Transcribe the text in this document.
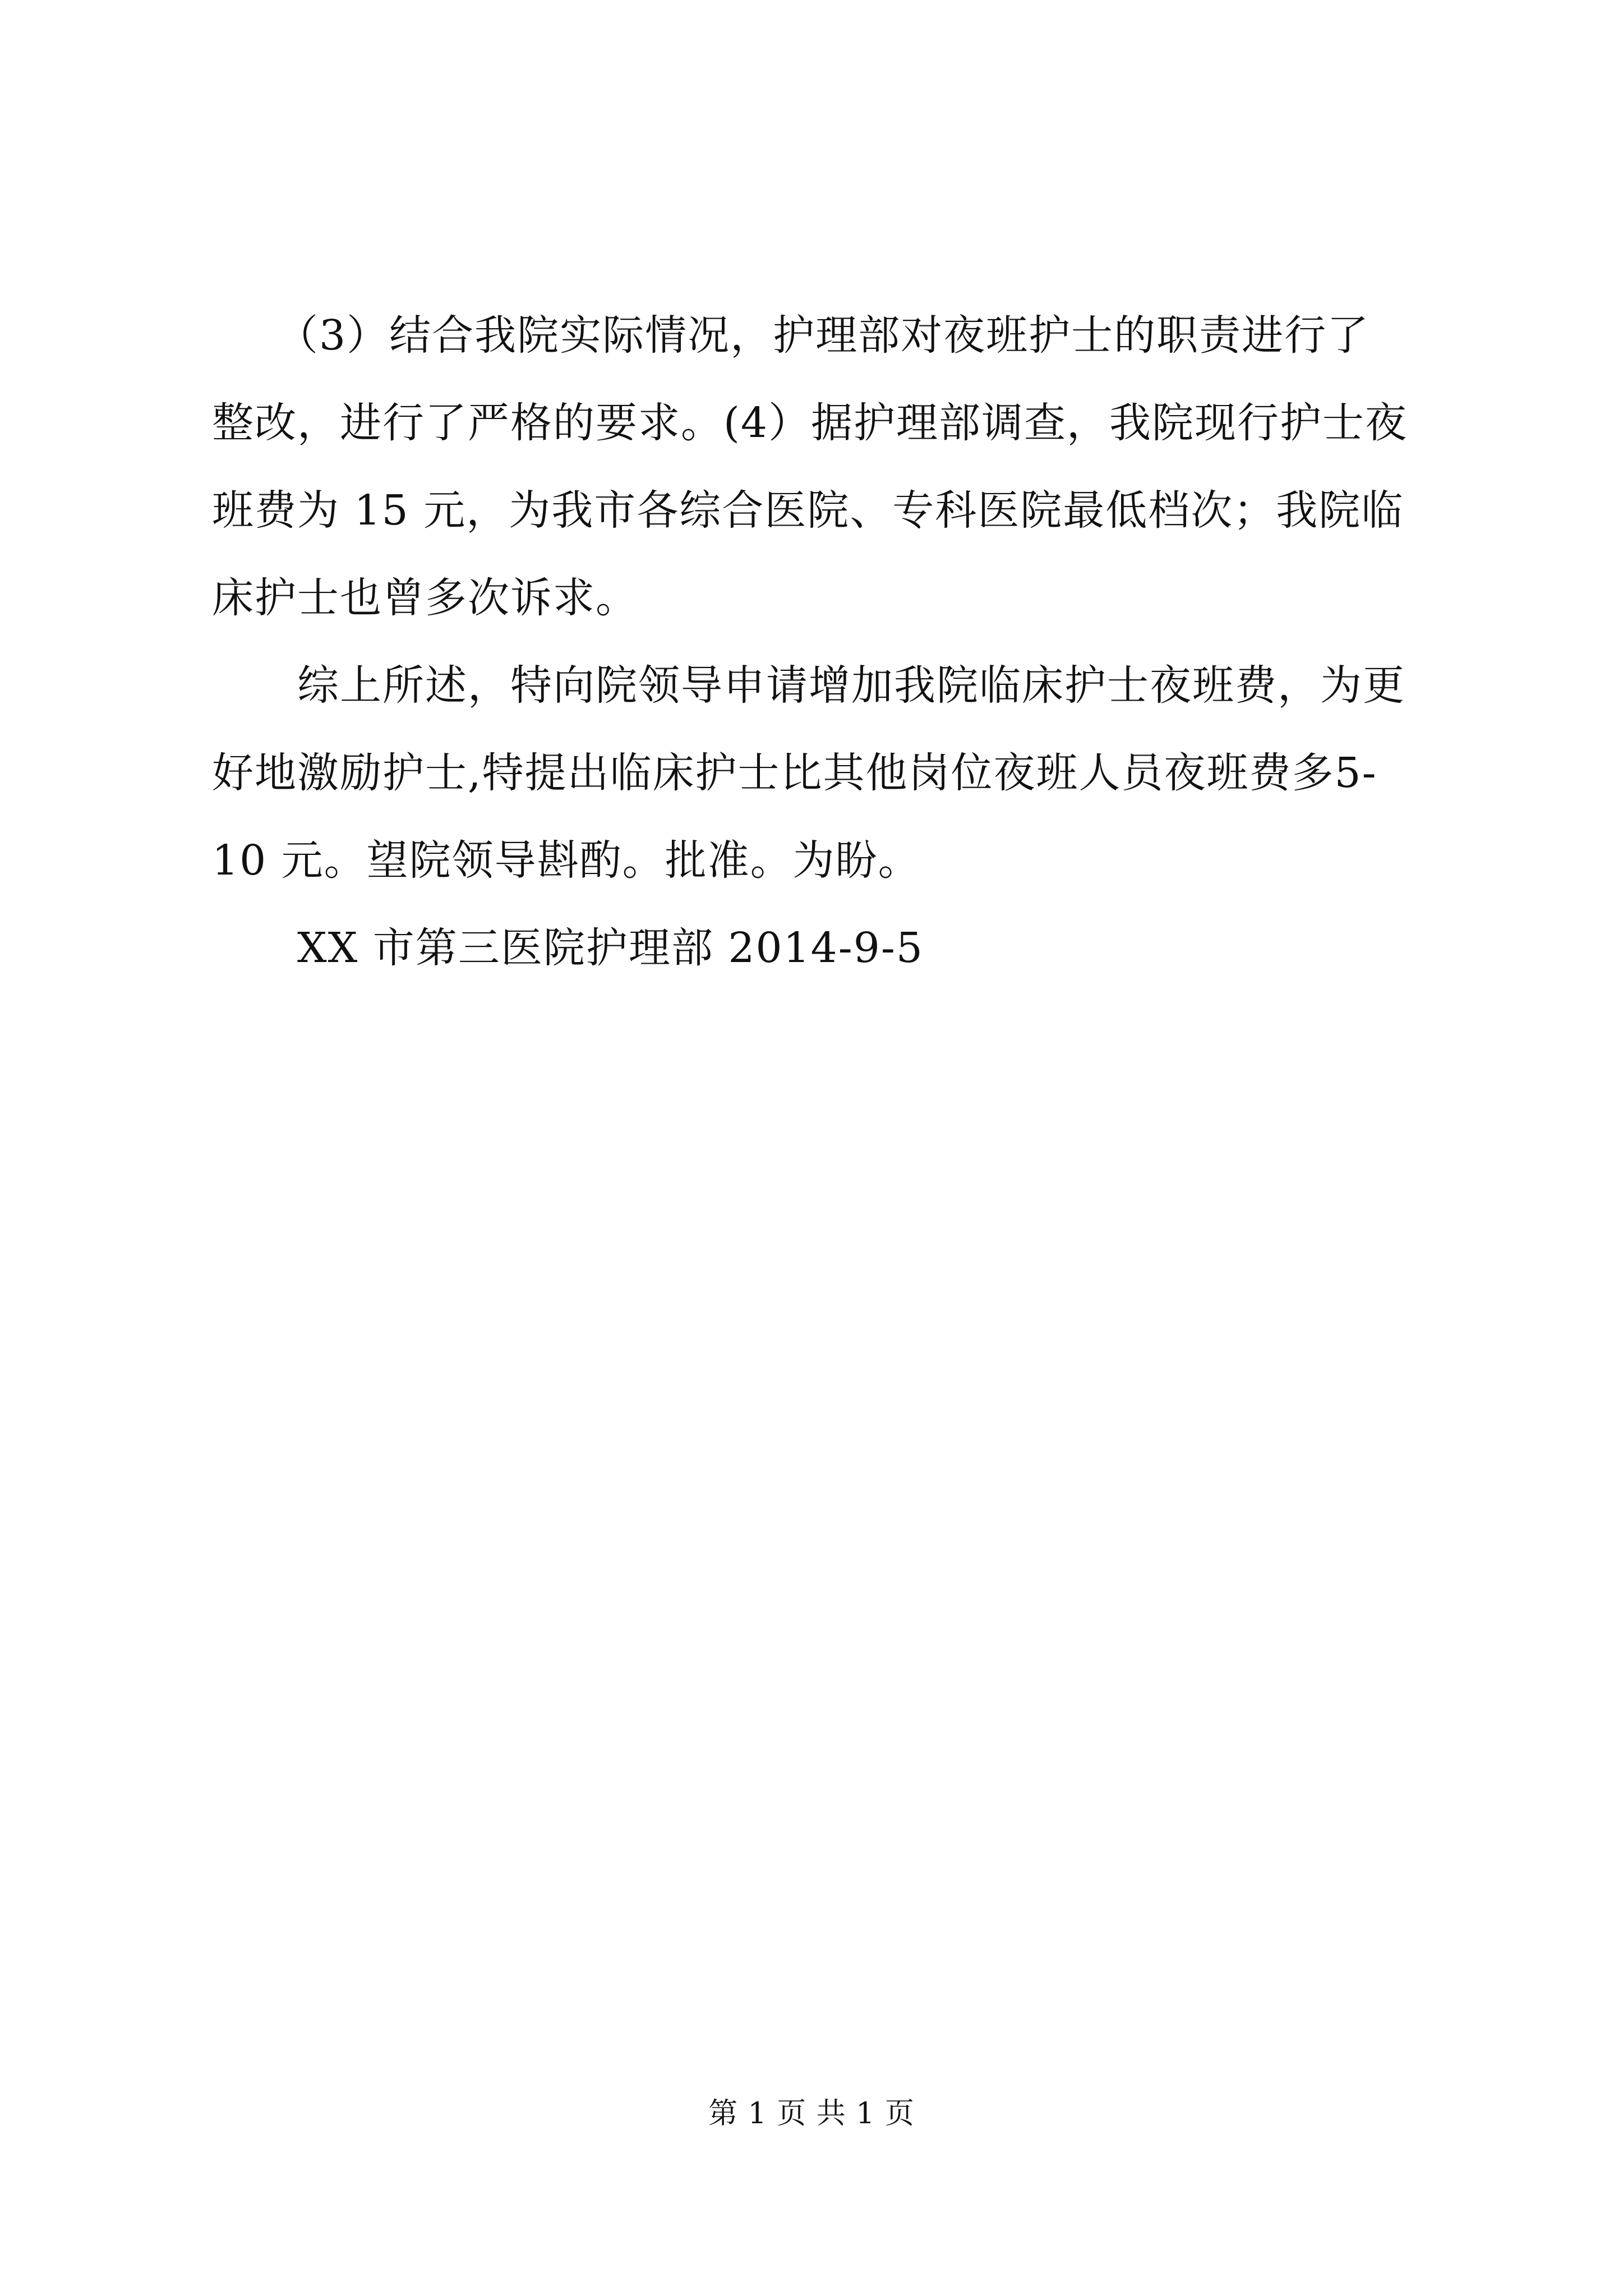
　　（3）结合我院实际情况，护理部对夜班护士的职责进行了
整改，进行了严格的要求。(4）据护理部调查，我院现行护士夜
班费为 15 元，为我市各综合医院、专科医院最低档次；我院临
床护士也曾多次诉求。
　　综上所述，特向院领导申请增加我院临床护士夜班费，为更
好地激励护士,特提出临床护士比其他岗位夜班人员夜班费多5-
10 元。望院领导斟酌。批准。为盼。
　　XX 市第三医院护理部 2014-9-5
第 1 页 共 1 页
